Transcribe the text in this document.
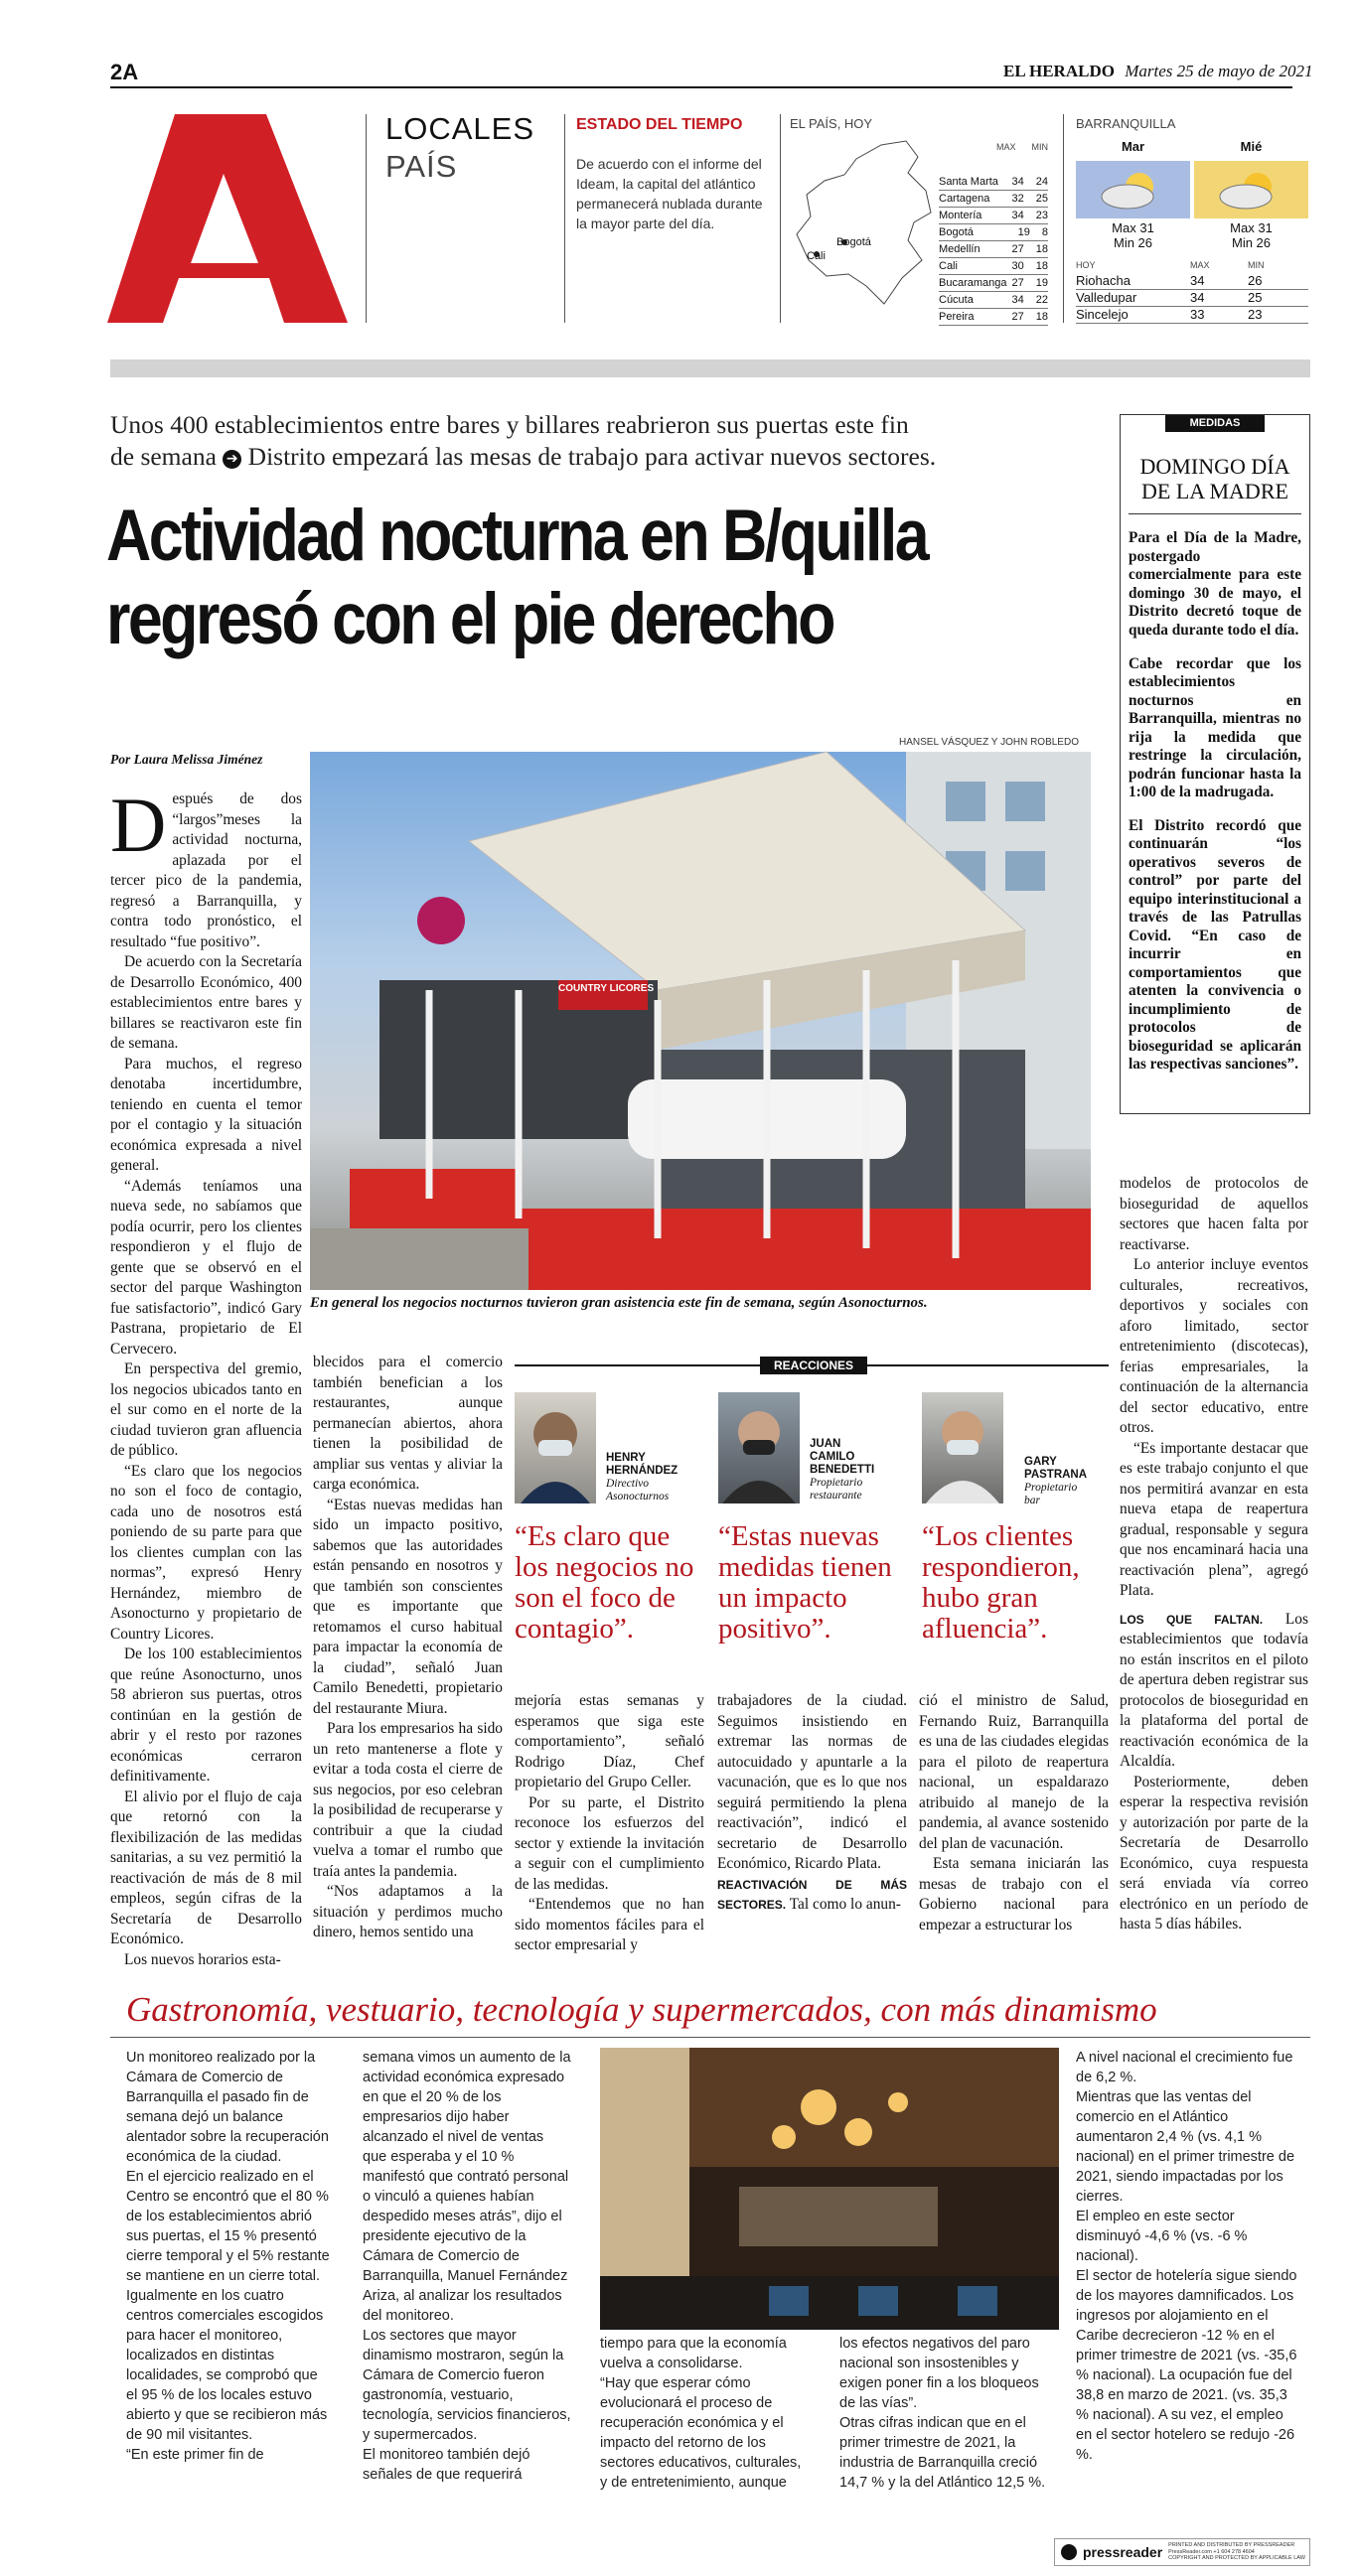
2A	EL HERALDO Martes 25 de mayo de 2021
LOCALES
PAÍS
ESTADO DEL TIEMPO
De acuerdo con el informe del Ideam, la capital del atlántico permanecerá nublada durante la mayor parte del día.
EL PAÍS, HOY
Bogotá
Cali
MAX MIN
Santa Marta 34 24
Cartagena 32 25
Montería	34 23
Bogotá	19 8
Medellín	27 18
Cali	30 18
Bucaramanga 27 19
Cúcuta	34 22
Pereira	27 18
BARRANQUILLA
Mar	Mié
Max 31
Min 26
Max 31
Min 26
HOY	MAX	MIN
Riohacha	34	26
Valledupar	34	25
Sincelejo	33	23
Unos 400 establecimientos entre bares y billares reabrieron sus puertas este fin
de semana ➔ Distrito empezará las mesas de trabajo para activar nuevos sectores.
Actividad nocturna en B/quilla
regresó con el pie derecho
Por Laura Melissa Jiménez
HANSEL VÁSQUEZ Y JOHN ROBLEDO
COUNTRY LICORES
En general los negocios nocturnos tuvieron gran asistencia este fin de semana, según Asonocturnos.
MEDIDAS
DOMINGO DÍA DE LA MADRE

Para el Día de la Madre, postergado comercialmente para este domingo 30 de mayo, el Distrito decretó toque de queda durante todo el día.

Cabe recordar que los establecimientos nocturnos en Barranquilla, mientras no rija la medida que restringe la circulación, podrán funcionar hasta la 1:00 de la madrugada.

El Distrito recordó que continuarán “los operativos severos de control” por parte del equipo interinstitucional a través de las Patrullas Covid. “En caso de incurrir en comportamientos que atenten la convivencia o incumplimiento de protocolos de bioseguridad se aplicarán las respectivas sanciones”.

D espués de dos “largos”meses la actividad nocturna, aplazada por el tercer pico de la pandemia, regresó a Barranquilla, y contra todo pronóstico, el resultado “fue positivo”.

De acuerdo con la Secretaría de Desarrollo Económico, 400 establecimientos entre bares y billares se reactivaron este fin de semana.

Para muchos, el regreso denotaba incertidumbre, teniendo en cuenta el temor por el contagio y la situación económica expresada a nivel general.

“Además teníamos una nueva sede, no sabíamos que podía ocurrir, pero los clientes respondieron y el flujo de gente que se observó en el sector del parque Washington fue satisfactorio”, indicó Gary Pastrana, propietario de El Cervecero.

En perspectiva del gremio, los negocios ubicados tanto en el sur como en el norte de la ciudad tuvieron gran afluencia de público.

“Es claro que los negocios no son el foco de contagio, cada uno de nosotros está poniendo de su parte para que los clientes cumplan con las normas”, expresó Henry Hernández, miembro de Asonocturno y propietario de Country Licores.

De los 100 establecimientos que reúne Asonocturno, unos 58 abrieron sus puertas, otros continúan en la gestión de abrir y el resto por razones económicas cerraron definitivamente.

El alivio por el flujo de caja que retornó con la flexibilización de las medidas sanitarias, a su vez permitió la reactivación de más de 8 mil empleos, según cifras de la Secretaría de Desarrollo Económico.

Los nuevos horarios esta-

blecidos para el comercio también benefician a los restaurantes, aunque permanecían abiertos, ahora tienen la posibilidad de ampliar sus ventas y aliviar la carga económica.

“Estas nuevas medidas han sido un impacto positivo, sabemos que las autoridades están pensando en nosotros y que también son conscientes que es importante que retomamos el curso habitual para impactar la economía de la ciudad”, señaló Juan Camilo Benedetti, propietario del restaurante Miura.

Para los empresarios ha sido un reto mantenerse a flote y evitar a toda costa el cierre de sus negocios, por eso celebran la posibilidad de recuperarse y contribuir a que la ciudad vuelva a tomar el rumbo que traía antes la pandemia.

“Nos adaptamos a la situación y perdimos mucho dinero, hemos sentido una

mejoría estas semanas y esperamos que siga este comportamiento”, señaló Rodrigo Díaz, Chef propietario del Grupo Celler.

Por su parte, el Distrito reconoce los esfuerzos del sector y extiende la invitación a seguir con el cumplimiento de las medidas.

“Entendemos que no han sido momentos fáciles para el sector empresarial y

trabajadores de la ciudad. Seguimos insistiendo en extremar las normas de autocuidado y apuntarle a la vacunación, que es lo que nos seguirá permitiendo la plena reactivación”, indicó el secretario de Desarrollo Económico, Ricardo Plata.

REACTIVACIÓN DE MÁS SECTORES. Tal como lo anun-

ció el ministro de Salud, Fernando Ruiz, Barranquilla es una de las ciudades elegidas para el piloto de reapertura nacional, un espaldarazo atribuido al manejo de la pandemia, al avance sostenido del plan de vacunación.

Esta semana iniciarán las mesas de trabajo con el Gobierno nacional para empezar a estructurar los

modelos de protocolos de bioseguridad de aquellos sectores que hacen falta por reactivarse.

Lo anterior incluye eventos culturales, recreativos, deportivos y sociales con aforo limitado, sector entretenimiento (discotecas), ferias empresariales, la continuación de la alternancia del sector educativo, entre otros.

“Es importante destacar que es este trabajo conjunto el que nos permitirá avanzar en esta nueva etapa de reapertura gradual, responsable y segura que nos encaminará hacia una reactivación plena”, agregó Plata.

LOS QUE FALTAN. Los establecimientos que todavía no están inscritos en el piloto de apertura deben registrar sus protocolos de bioseguridad en la plataforma del portal de reactivación económica de la Alcaldía.

Posteriormente, deben esperar la respectiva revisión y autorización por parte de la Secretaría de Desarrollo Económico, cuya respuesta será enviada vía correo electrónico en un período de hasta 5 días hábiles.

REACCIONES
HENRY
HERNÁNDEZ
Directivo
Asonocturnos
“Es claro que los negocios no son el foco de contagio”.
JUAN
CAMILO
BENEDETTI
Propietario
restaurante
“Estas nuevas medidas tienen un impacto positivo”.
GARY
PASTRANA
Propietario
bar
“Los clientes respondieron, hubo gran afluencia”.
Gastronomía, vestuario, tecnología y supermercados, con más dinamismo

Un monitoreo realizado por la Cámara de Comercio de Barranquilla el pasado fin de semana dejó un balance alentador sobre la recuperación económica de la ciudad.

En el ejercicio realizado en el Centro se encontró que el 80 % de los establecimientos abrió sus puertas, el 15 % presentó cierre temporal y el 5% restante se mantiene en un cierre total. Igualmente en los cuatro centros comerciales escogidos para hacer el monitoreo, localizados en distintas localidades, se comprobó que el 95 % de los locales estuvo abierto y que se recibieron más de 90 mil visitantes.

“En este primer fin de

semana vimos un aumento de la actividad económica expresado en que el 20 % de los empresarios dijo haber alcanzado el nivel de ventas que esperaba y el 10 % manifestó que contrató personal o vinculó a quienes habían despedido meses atrás”, dijo el presidente ejecutivo de la Cámara de Comercio de Barranquilla, Manuel Fernández Ariza, al analizar los resultados del monitoreo.

Los sectores que mayor dinamismo mostraron, según la Cámara de Comercio fueron gastronomía, vestuario, tecnología, servicios financieros, y supermercados.

El monitoreo también dejó señales de que requerirá

tiempo para que la economía vuelva a consolidarse.

“Hay que esperar cómo evolucionará el proceso de recuperación económica y el impacto del retorno de los sectores educativos, culturales, y de entretenimiento, aunque

los efectos negativos del paro nacional son insostenibles y exigen poner fin a los bloqueos de las vías”.

Otras cifras indican que en el primer trimestre de 2021, la industria de Barranquilla creció 14,7 % y la del Atlántico 12,5 %.

A nivel nacional el crecimiento fue de 6,2 %.

Mientras que las ventas del comercio en el Atlántico aumentaron 2,4 % (vs. 4,1 % nacional) en el primer trimestre de 2021, siendo impactadas por los cierres.

El empleo en este sector disminuyó -4,6 % (vs. -6 % nacional).

El sector de hotelería sigue siendo de los mayores damnificados. Los ingresos por alojamiento en el Caribe decrecieron -12 % en el primer trimestre de 2021 (vs. -35,6 % nacional). La ocupación fue del 38,8 en marzo de 2021. (vs. 35,3 % nacional). A su vez, el empleo en el sector hotelero se redujo -26 %.

pressreader PRINTED AND DISTRIBUTED BY PRESSREADER
PressReader.com +1 604 278 4604
COPYRIGHT AND PROTECTED BY APPLICABLE LAW
